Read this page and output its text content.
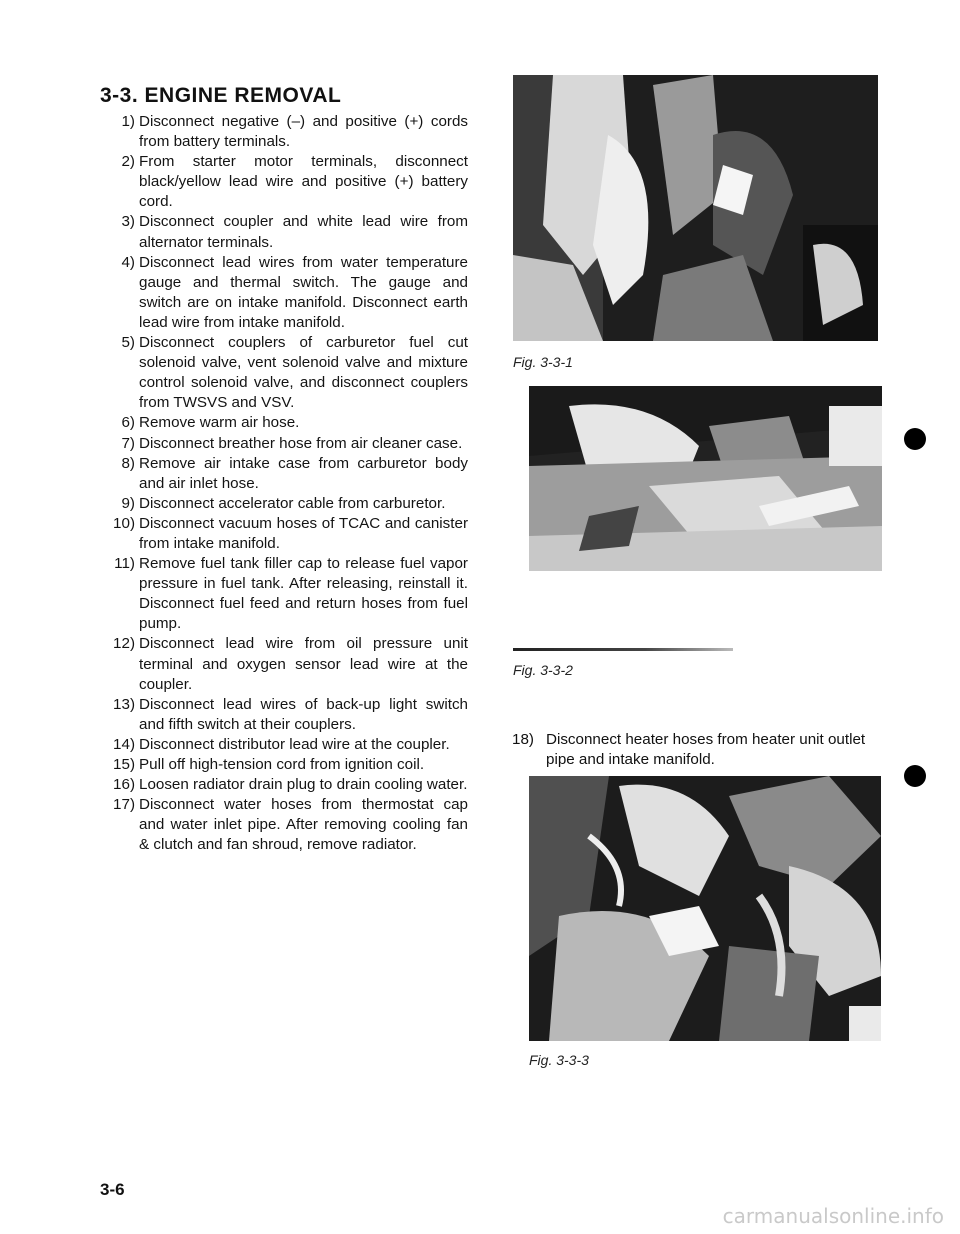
3-3. ENGINE REMOVAL
1) Disconnect negative (–) and positive (+) cords from battery terminals.
2) From starter motor terminals, disconnect black/yellow lead wire and positive (+) battery cord.
3) Disconnect coupler and white lead wire from alternator terminals.
4) Disconnect lead wires from water temperature gauge and thermal switch. The gauge and switch are on intake manifold. Disconnect earth lead wire from intake manifold.
5) Disconnect couplers of carburetor fuel cut solenoid valve, vent solenoid valve and mixture control solenoid valve, and disconnect couplers from TWSVS and VSV.
6) Remove warm air hose.
7) Disconnect breather hose from air cleaner case.
8) Remove air intake case from carburetor body and air inlet hose.
9) Disconnect accelerator cable from carburetor.
10) Disconnect vacuum hoses of TCAC and canister from intake manifold.
11) Remove fuel tank filler cap to release fuel vapor pressure in fuel tank. After releasing, reinstall it. Disconnect fuel feed and return hoses from fuel pump.
12) Disconnect lead wire from oil pressure unit terminal and oxygen sensor lead wire at the coupler.
13) Disconnect lead wires of back-up light switch and fifth switch at their couplers.
14) Disconnect distributor lead wire at the coupler.
15) Pull off high-tension cord from ignition coil.
16) Loosen radiator drain plug to drain cooling water.
17) Disconnect water hoses from thermostat cap and water inlet pipe. After removing cooling fan & clutch and fan shroud, remove radiator.
Fig. 3-3-1
Fig. 3-3-2
18) Disconnect heater hoses from heater unit outlet pipe and intake manifold.
Fig. 3-3-3
3-6
carmanualsonline.info
